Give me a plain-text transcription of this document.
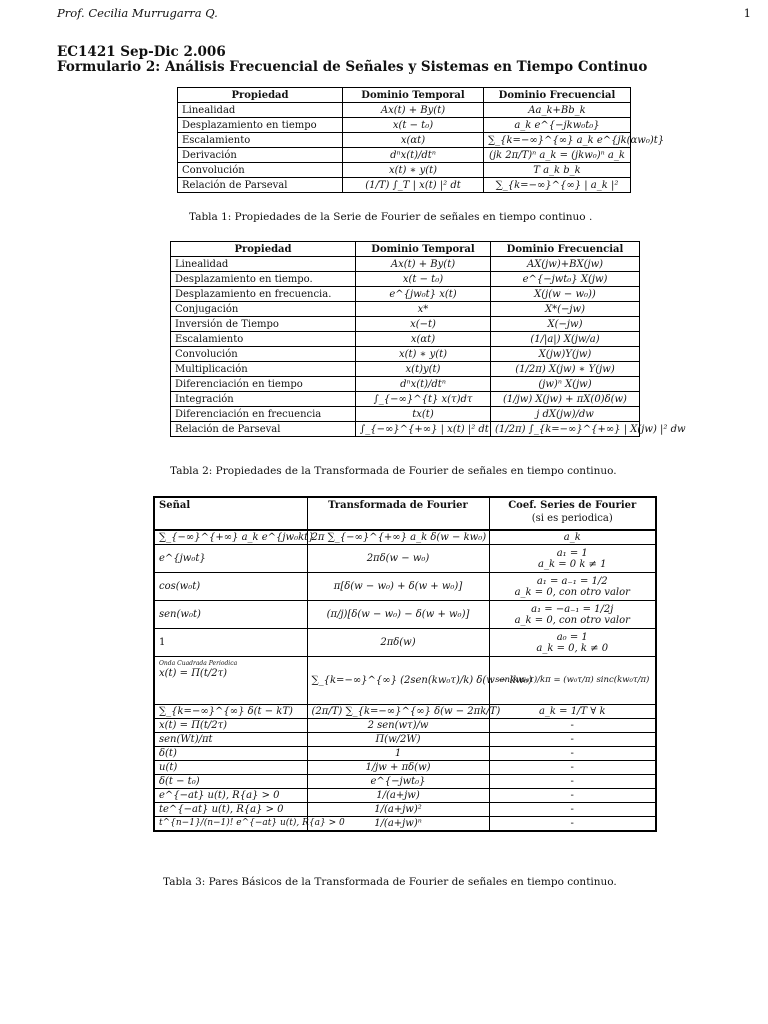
Prof. Cecilia Murrugarra Q.	1
EC1421 Sep-Dic 2.006
Formulario 2: Análisis Frecuencial de Señales y Sistemas en Tiempo Continuo
Propiedad	Dominio Temporal	Dominio Frecuencial
Linealidad	Ax(t) + By(t)	Aa_k+Bb_k
Desplazamiento en tiempo	x(t − t₀)	a_k e^{−jkw₀t₀}
Escalamiento	x(αt)	∑_{k=−∞}^{∞} a_k e^{jk(αw₀)t}
Derivación	dⁿx(t)/dtⁿ	(jk 2π/T)ⁿ a_k = (jkw₀)ⁿ a_k
Convolución	x(t) ∗ y(t)	T a_k b_k
Relación de Parseval	(1/T) ∫_T | x(t) |² dt	∑_{k=−∞}^{∞} | a_k |²
Tabla 1: Propiedades de la Serie de Fourier de señales en tiempo continuo .
Propiedad	Dominio Temporal	Dominio Frecuencial
Linealidad	Ax(t) + By(t)	AX(jw)+BX(jw)
Desplazamiento en tiempo.	x(t − t₀)	e^{−jwt₀} X(jw)
Desplazamiento en frecuencia.	e^{jw₀t} x(t)	X(j(w − w₀))
Conjugación	x*	X*(−jw)
Inversión de Tiempo	x(−t)	X(−jw)
Escalamiento	x(αt)	(1/|a|) X(jw/a)
Convolución	x(t) ∗ y(t)	X(jw)Y(jw)
Multiplicación	x(t)y(t)	(1/2π) X(jw) ∗ Y(jw)
Diferenciación en tiempo	dⁿx(t)/dtⁿ	(jw)ⁿ X(jw)
Integración	∫_{−∞}^{t} x(τ)dτ	(1/jw) X(jw) + πX(0)δ(w)
Diferenciación en frecuencia	tx(t)	j dX(jw)/dw
Relación de Parseval	∫_{−∞}^{+∞} | x(t) |² dt	(1/2π) ∫_{k=−∞}^{+∞} | X(jw) |² dw
Tabla 2: Propiedades de la Transformada de Fourier de señales en tiempo continuo.
Señal	Transformada de Fourier	Coef. Series de Fourier
(si es periodica)

∑_{−∞}^{+∞} a_k e^{jw₀kt}	2π ∑_{−∞}^{+∞} a_k δ(w − kw₀)	a_k
e^{jw₀t}	2πδ(w − w₀)	a₁ = 1
a_k = 0 k ≠ 1

cos(w₀t)	π[δ(w − w₀) + δ(w + w₀)]	a₁ = a₋₁ = 1/2
a_k = 0, con otro valor

sen(w₀t)	(π/j)[δ(w − w₀) − δ(w + w₀)]	a₁ = −a₋₁ = 1/2j
a_k = 0, con otro valor

1	2πδ(w)	a₀ = 1
a_k = 0, k ≠ 0

Onda Cuadrada Periodica
x(t) = Π(t/2τ)	∑_{k=−∞}^{∞} (2sen(kw₀τ)/k) δ(w − kw₀)	sen(kw₀τ)/kπ = (w₀τ/π) sinc(kw₀τ/π)
∑_{k=−∞}^{∞} δ(t − kT)	(2π/T) ∑_{k=−∞}^{∞} δ(w − 2πk/T)	a_k = 1/T ∀ k
x(t) = Π(t/2τ)	2 sen(wτ)/w	-
sen(Wt)/πt	Π(w/2W)	-
δ(t)	1	-
u(t)	1/jw + πδ(w)	-
δ(t − t₀)	e^{−jwt₀}	-
e^{−at} u(t), R{a} > 0	1/(a+jw)	-
te^{−at} u(t), R{a} > 0	1/(a+jw)²	-
t^{n−1}/(n−1)! e^{−at} u(t), R{a} > 0	1/(a+jw)ⁿ	-
Tabla 3: Pares Básicos de la Transformada de Fourier de señales en tiempo continuo.
